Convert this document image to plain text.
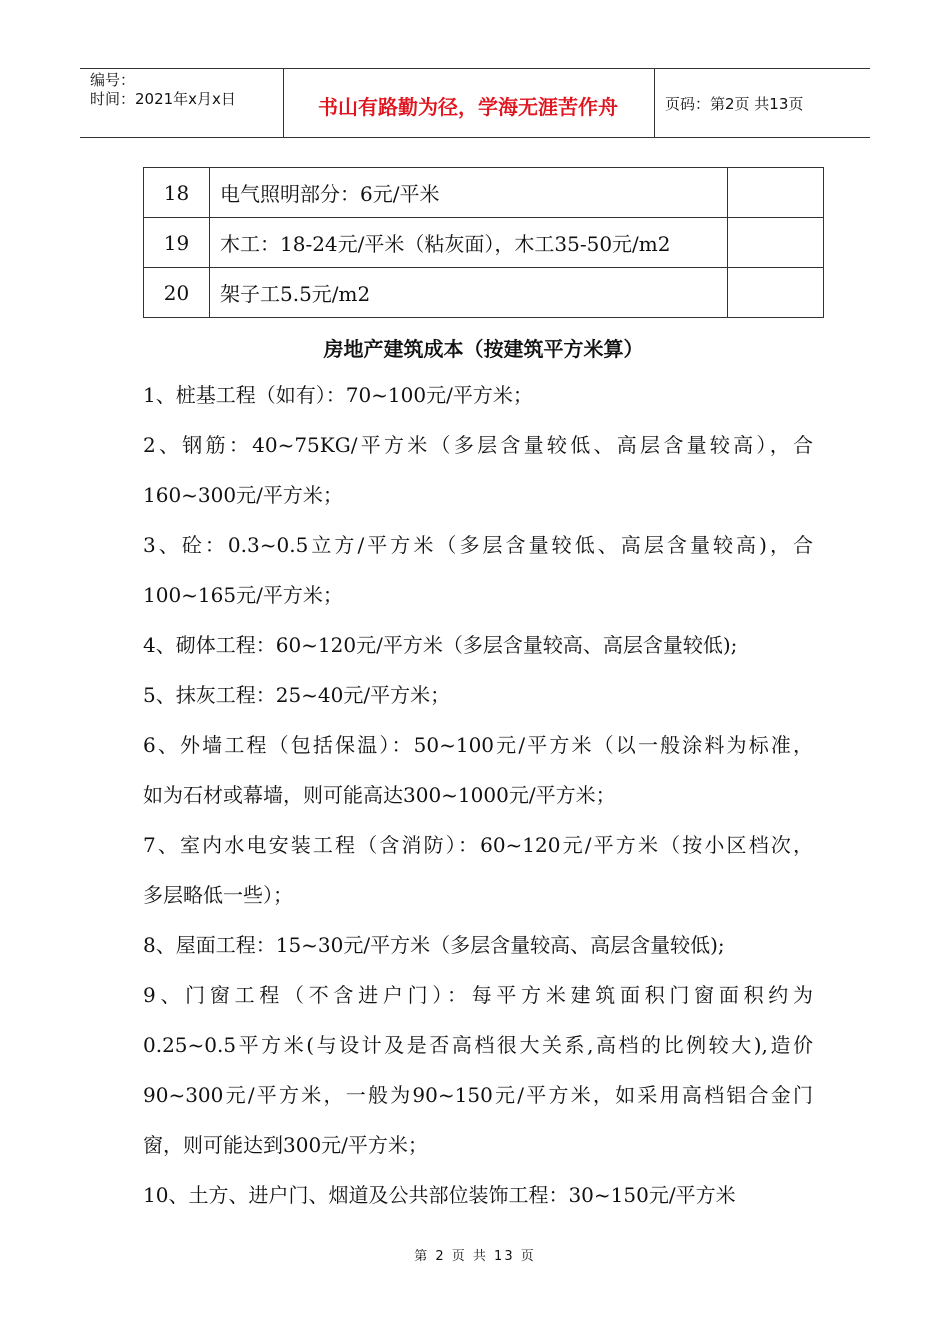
编号：
时间：2021年x月x日	书山有路勤为径，学海无涯苦作舟	页码：第2页 共13页
18	电气照明部分：6元/平米	
19	木工：18-24元/平米（粘灰面），木工35-50元/m2	
20	架子工5.5元/m2	
房地产建筑成本（按建筑平方米算）

1、桩基工程（如有）：70~100元/平方米；

2、钢筋：40~75KG/平方米（多层含量较低、高层含量较高），合

160~300元/平方米；

3、砼：0.3~0.5立方/平方米（多层含量较低、高层含量较高)，合

100~165元/平方米；

4、砌体工程：60~120元/平方米（多层含量较高、高层含量较低);

5、抹灰工程：25~40元/平方米；

6、外墙工程（包括保温）：50~100元/平方米（以一般涂料为标准，

如为石材或幕墙，则可能高达300~1000元/平方米；

7、室内水电安装工程（含消防）：60~120元/平方米（按小区档次，

多层略低一些）；

8、屋面工程：15~30元/平方米（多层含量较高、高层含量较低);

9、门窗工程（不含进户门）：每平方米建筑面积门窗面积约为

0.25~0.5平方米(与设计及是否高档很大关系,高档的比例较大),造价

90~300元/平方米，一般为90~150元/平方米，如采用高档铝合金门

窗，则可能达到300元/平方米；

10、土方、进户门、烟道及公共部位装饰工程：30~150元/平方米

第 2 页 共 13 页
